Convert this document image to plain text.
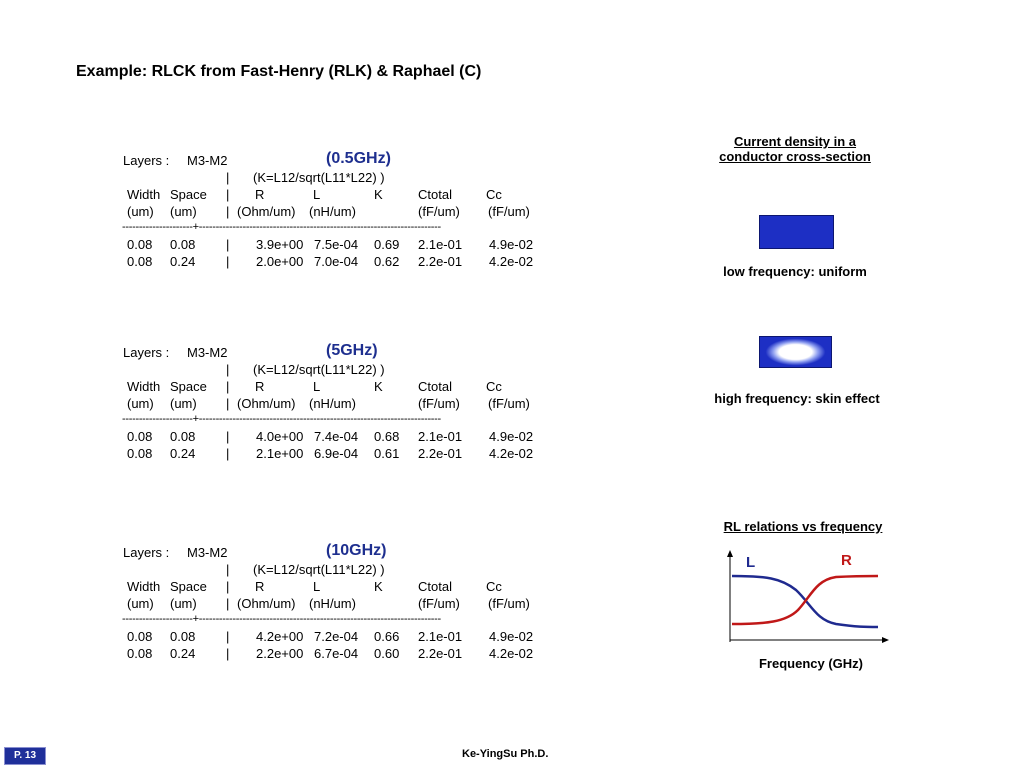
Example: RLCK from Fast-Henry (RLK) & Raphael (C)
Layers : M3-M2	(0.5GHz)
| (K=L12/sqrt(L11*L22) )
Width Space	R	L	K	Ctotal	Cc
|
(um) (um)	(Ohm/um) (nH/um)	(fF/um) (fF/um)
|
---------------------+------------------------------------------------------------------------
0.08 0.08	3.9e+00 7.5e-04 0.69 2.1e-01 4.9e-02
|
0.08 0.24	2.0e+00 7.0e-04 0.62 2.2e-01 4.2e-02
|
Layers : M3-M2	(5GHz)
| (K=L12/sqrt(L11*L22) )
Width Space	R	L	K	Ctotal	Cc
|
(um) (um)	(Ohm/um) (nH/um)	(fF/um) (fF/um)
|
---------------------+------------------------------------------------------------------------
0.08 0.08	4.0e+00 7.4e-04 0.68 2.1e-01 4.9e-02
|
0.08 0.24	2.1e+00 6.9e-04 0.61 2.2e-01 4.2e-02
|
Layers : M3-M2	(10GHz)
| (K=L12/sqrt(L11*L22) )
Width Space	R	L	K	Ctotal	Cc
|
(um) (um)	(Ohm/um) (nH/um)	(fF/um) (fF/um)
|
---------------------+------------------------------------------------------------------------
0.08 0.08	4.2e+00 7.2e-04 0.66 2.1e-01 4.9e-02
|
0.08 0.24	2.2e+00 6.7e-04 0.60 2.2e-01 4.2e-02
|
Current density in a
conductor cross-section
low frequency: uniform
high frequency: skin effect
RL relations vs frequency
L	R
Frequency (GHz)
P. 13	Ke-YingSu Ph.D.
